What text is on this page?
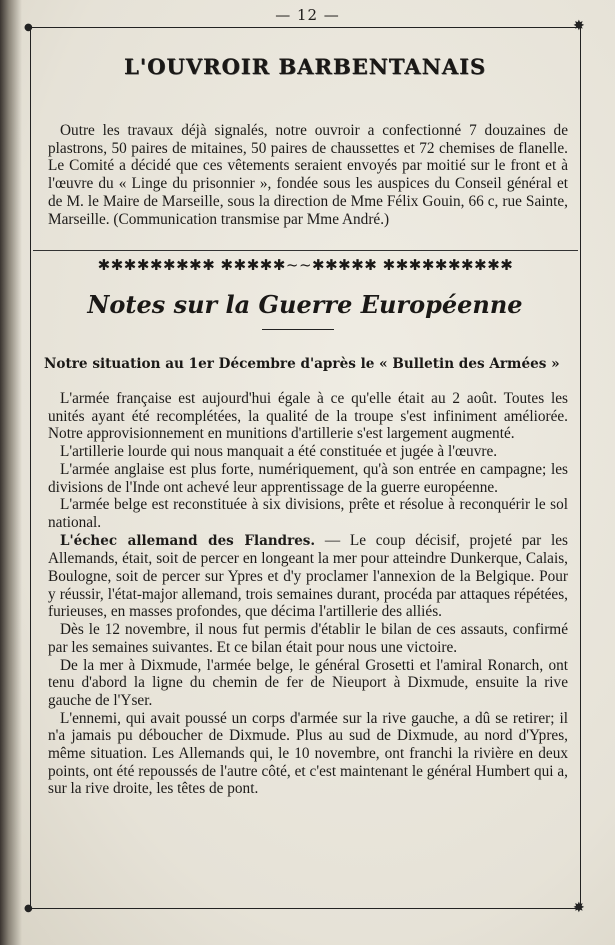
— 12 —
✸
✸
●
●
L'OUVROIR BARBENTANAIS

Outre les travaux déjà signalés, notre ouvroir a confectionné 7 douzaines de plastrons, 50 paires de mitaines, 50 paires de chaussettes et 72 chemises de flanelle. Le Comité a décidé que ces vêtements seraient envoyés par moitié sur le front et à l'œuvre du « Linge du prisonnier », fondée sous les auspices du Conseil général et de M. le Maire de Marseille, sous la direction de Mme Félix Gouin, 66 c, rue Sainte, Marseille. (Communication transmise par Mme André.)

✱✱✱✱✱✱✱✱✱ ✱✱✱✱✱~~✱✱✱✱✱ ✱✱✱✱✱✱✱✱✱✱
Notes sur la Guerre Européenne
Notre situation au 1er Décembre d'après le « Bulletin des Armées »

L'armée française est aujourd'hui égale à ce qu'elle était au 2 août. Toutes les unités ayant été recomplétées, la qualité de la troupe s'est infiniment améliorée. Notre approvisionnement en munitions d'artillerie s'est largement augmenté.

L'artillerie lourde qui nous manquait a été constituée et jugée à l'œuvre.

L'armée anglaise est plus forte, numériquement, qu'à son entrée en campagne; les divisions de l'Inde ont achevé leur apprentissage de la guerre européenne.

L'armée belge est reconstituée à six divisions, prête et résolue à reconquérir le sol national.

L'échec allemand des Flandres. — Le coup décisif, projeté par les Allemands, était, soit de percer en longeant la mer pour atteindre Dunkerque, Calais, Boulogne, soit de percer sur Ypres et d'y proclamer l'annexion de la Belgique. Pour y réussir, l'état-major allemand, trois semaines durant, procéda par attaques répétées, furieuses, en masses profondes, que décima l'artillerie des alliés.

Dès le 12 novembre, il nous fut permis d'établir le bilan de ces assauts, confirmé par les semaines suivantes. Et ce bilan était pour nous une victoire.

De la mer à Dixmude, l'armée belge, le général Grosetti et l'amiral Ronarch, ont tenu d'abord la ligne du chemin de fer de Nieuport à Dixmude, ensuite la rive gauche de l'Yser.

L'ennemi, qui avait poussé un corps d'armée sur la rive gauche, a dû se retirer; il n'a jamais pu déboucher de Dixmude. Plus au sud de Dixmude, au nord d'Ypres, même situation. Les Allemands qui, le 10 novembre, ont franchi la rivière en deux points, ont été repoussés de l'autre côté, et c'est maintenant le général Humbert qui a, sur la rive droite, les têtes de pont.
